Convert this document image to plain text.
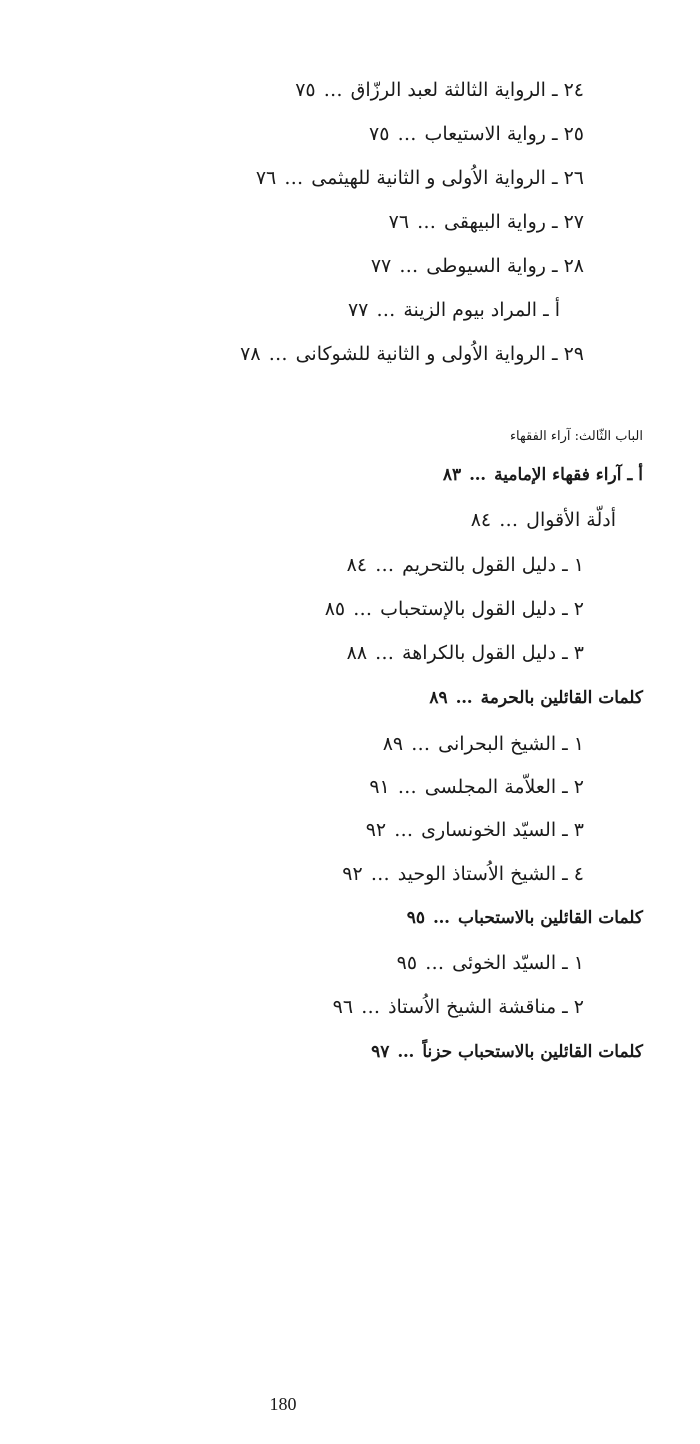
٢٤ ـ الرواية الثالثة لعبد الرزّاق…٧٥
٢٥ ـ رواية الاستيعاب…٧٥
٢٦ ـ الرواية الاُولى و الثانية للهيثمى…٧٦
٢٧ ـ رواية البيهقى…٧٦
٢٨ ـ رواية السيوطى…٧٧
أ ـ المراد بيوم الزينة…٧٧
٢٩ ـ الرواية الاُولى و الثانية للشوكانى…٧٨
الباب الثّالث: آراء الفقهاء
أ ـ آراء فقهاء الإمامية…٨٣
أدلّة الأقوال…٨٤
١ ـ دليل القول بالتحريم…٨٤
٢ ـ دليل القول بالإستحباب…٨٥
٣ ـ دليل القول بالكراهة…٨٨
كلمات القائلين بالحرمة…٨٩
١ ـ الشيخ البحرانى…٨٩
٢ ـ العلاّمة المجلسى…٩١
٣ ـ السيّد الخونسارى…٩٢
٤ ـ الشيخ الاُستاذ الوحيد…٩٢
كلمات القائلين بالاستحباب…٩٥
١ ـ السيّد الخوئى…٩٥
٢ ـ مناقشة الشيخ الاُستاذ…٩٦
كلمات القائلين بالاستحباب حزناً…٩٧
180
